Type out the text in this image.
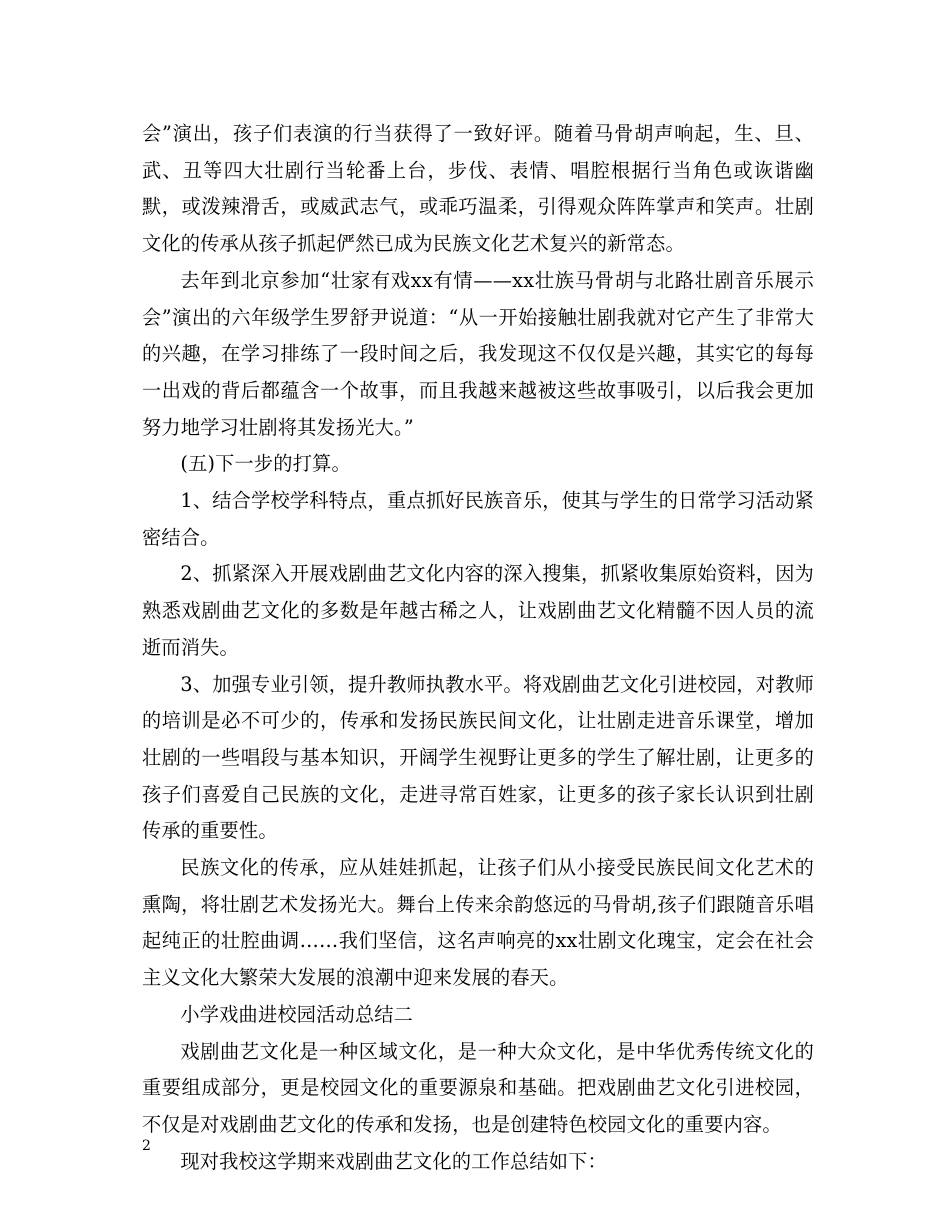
会”演出，孩子们表演的行当获得了一致好评。随着马骨胡声响起，生、旦、武、丑等四大壮剧行当轮番上台，步伐、表情、唱腔根据行当角色或诙谐幽默，或泼辣滑舌，或威武志气，或乖巧温柔，引得观众阵阵掌声和笑声。壮剧文化的传承从孩子抓起俨然已成为民族文化艺术复兴的新常态。

去年到北京参加“壮家有戏xx有情——xx壮族马骨胡与北路壮剧音乐展示会”演出的六年级学生罗舒尹说道：“从一开始接触壮剧我就对它产生了非常大的兴趣，在学习排练了一段时间之后，我发现这不仅仅是兴趣，其实它的每每一出戏的背后都蕴含一个故事，而且我越来越被这些故事吸引，以后我会更加努力地学习壮剧将其发扬光大。”

(五)下一步的打算。

1、结合学校学科特点，重点抓好民族音乐，使其与学生的日常学习活动紧密结合。

2、抓紧深入开展戏剧曲艺文化内容的深入搜集，抓紧收集原始资料，因为熟悉戏剧曲艺文化的多数是年越古稀之人，让戏剧曲艺文化精髓不因人员的流逝而消失。

3、加强专业引领，提升教师执教水平。将戏剧曲艺文化引进校园，对教师的培训是必不可少的，传承和发扬民族民间文化，让壮剧走进音乐课堂，增加壮剧的一些唱段与基本知识，开阔学生视野让更多的学生了解壮剧，让更多的孩子们喜爱自己民族的文化，走进寻常百姓家，让更多的孩子家长认识到壮剧传承的重要性。

民族文化的传承，应从娃娃抓起，让孩子们从小接受民族民间文化艺术的熏陶，将壮剧艺术发扬光大。舞台上传来余韵悠远的马骨胡,孩子们跟随音乐唱起纯正的壮腔曲调……我们坚信，这名声响亮的xx壮剧文化瑰宝，定会在社会主义文化大繁荣大发展的浪潮中迎来发展的春天。

小学戏曲进校园活动总结二

戏剧曲艺文化是一种区域文化，是一种大众文化，是中华优秀传统文化的重要组成部分，更是校园文化的重要源泉和基础。把戏剧曲艺文化引进校园，不仅是对戏剧曲艺文化的传承和发扬，也是创建特色校园文化的重要内容。

现对我校这学期来戏剧曲艺文化的工作总结如下：

2
